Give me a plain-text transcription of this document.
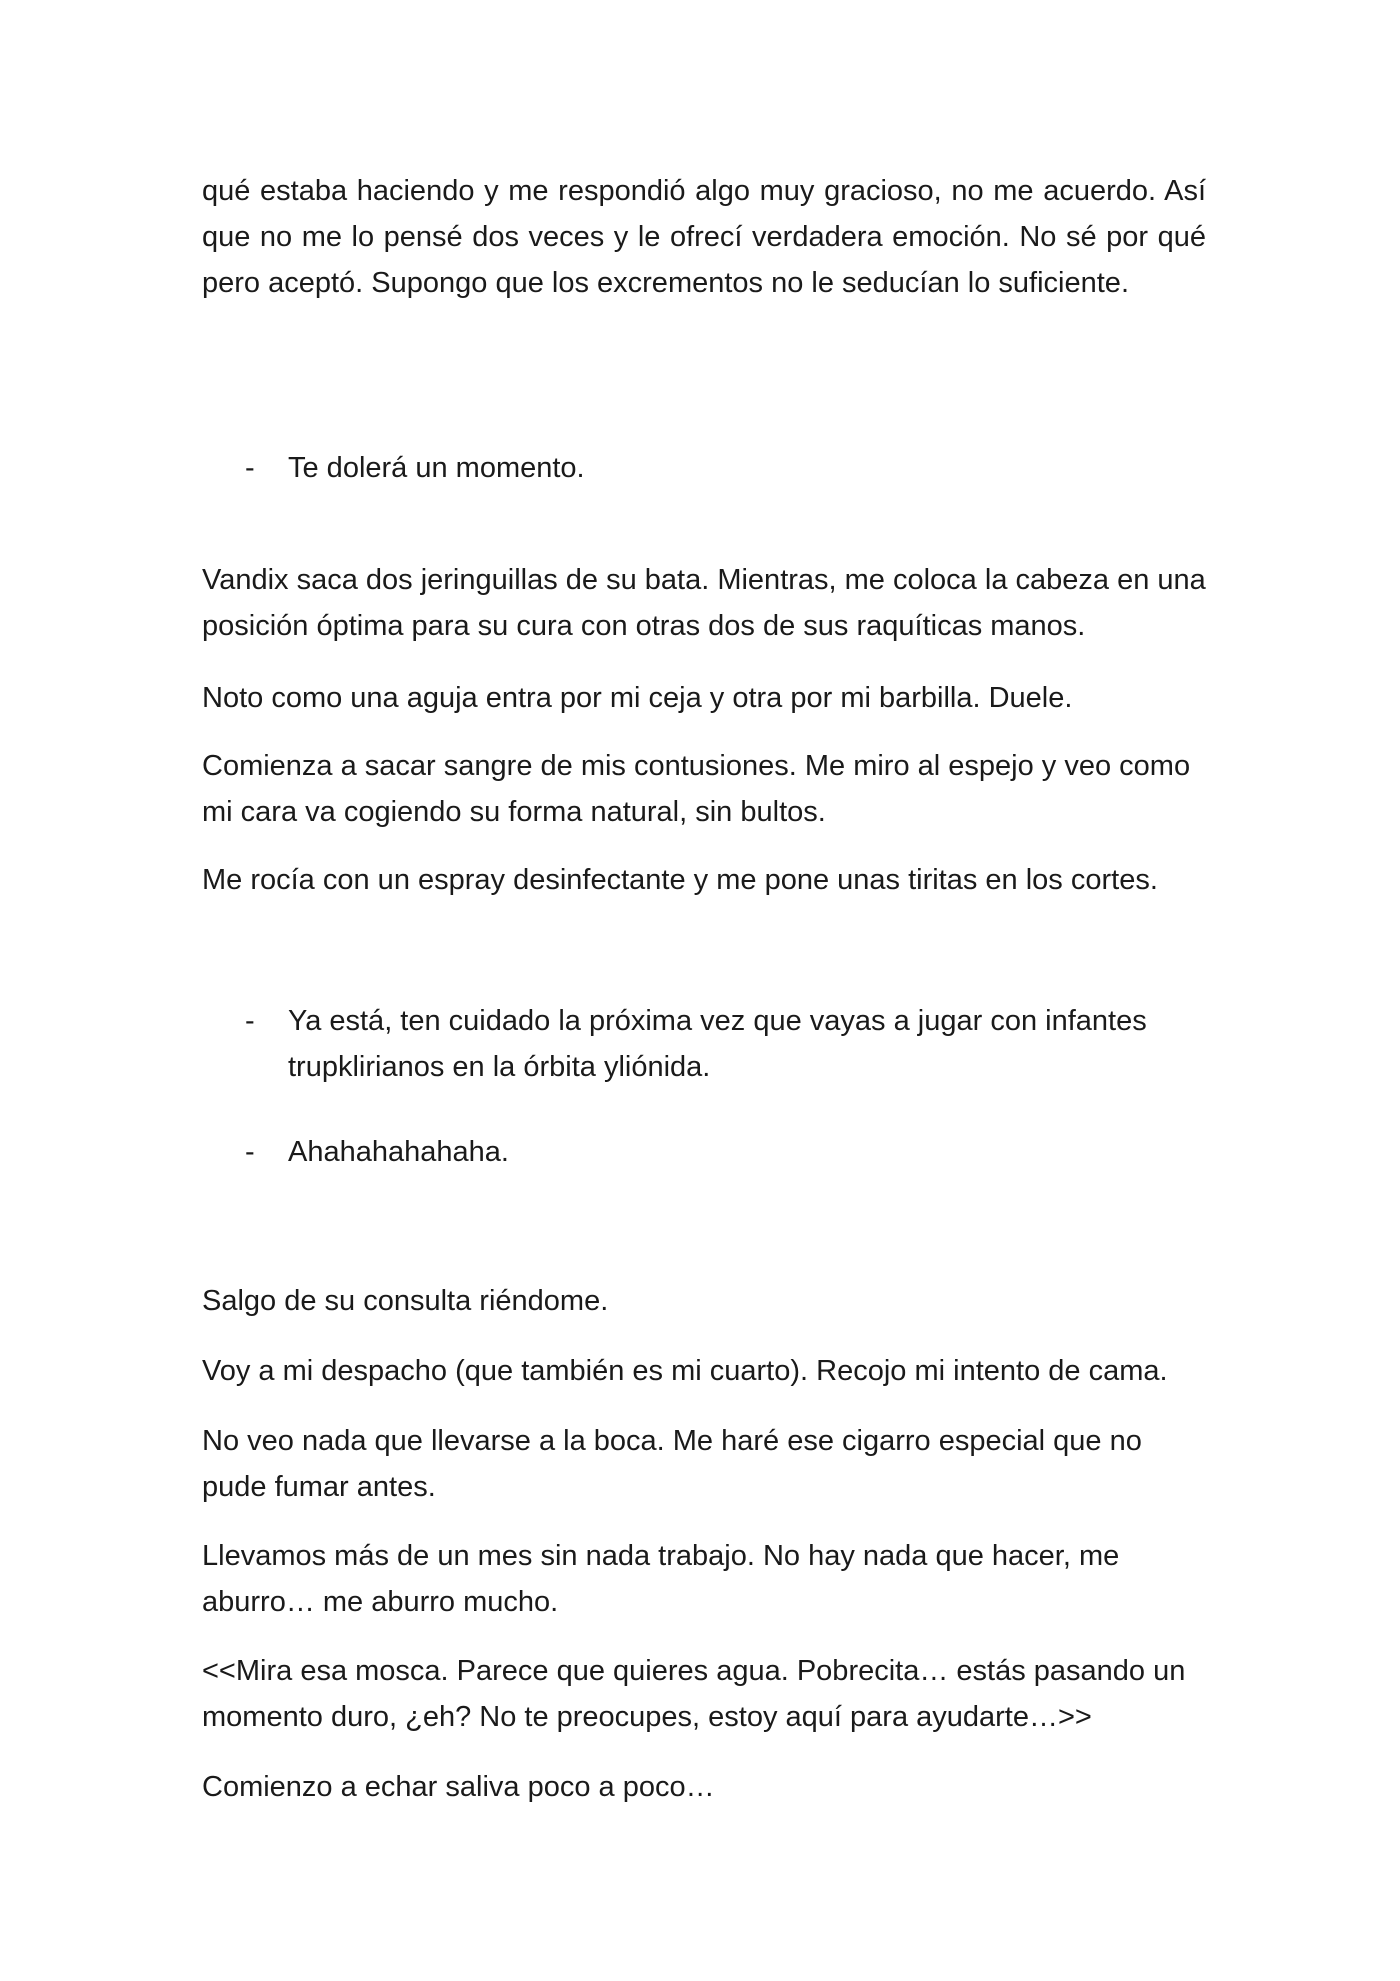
qué estaba haciendo y me respondió algo muy gracioso, no me acuerdo. Así que no me lo pensé dos veces y le ofrecí verdadera emoción. No sé por qué pero aceptó. Supongo que los excrementos no le seducían lo suficiente.

- Te dolerá un momento.

Vandix saca dos jeringuillas de su bata. Mientras, me coloca la cabeza en una posición óptima para su cura con otras dos de sus raquíticas manos.

Noto como una aguja entra por mi ceja y otra por mi barbilla. Duele.

Comienza a sacar sangre de mis contusiones. Me miro al espejo y veo como mi cara va cogiendo su forma natural, sin bultos.

Me rocía con un espray desinfectante y me pone unas tiritas en los cortes.

- Ya está, ten cuidado la próxima vez que vayas a jugar con infantes trupklirianos en la órbita yliónida.
- Ahahahahahaha.

Salgo de su consulta riéndome.

Voy a mi despacho (que también es mi cuarto). Recojo mi intento de cama.

No veo nada que llevarse a la boca. Me haré ese cigarro especial que no pude fumar antes.

Llevamos más de un mes sin nada trabajo. No hay nada que hacer, me aburro… me aburro mucho.

<<Mira esa mosca. Parece que quieres agua. Pobrecita… estás pasando un momento duro, ¿eh? No te preocupes, estoy aquí para ayudarte…>>

Comienzo a echar saliva poco a poco…
